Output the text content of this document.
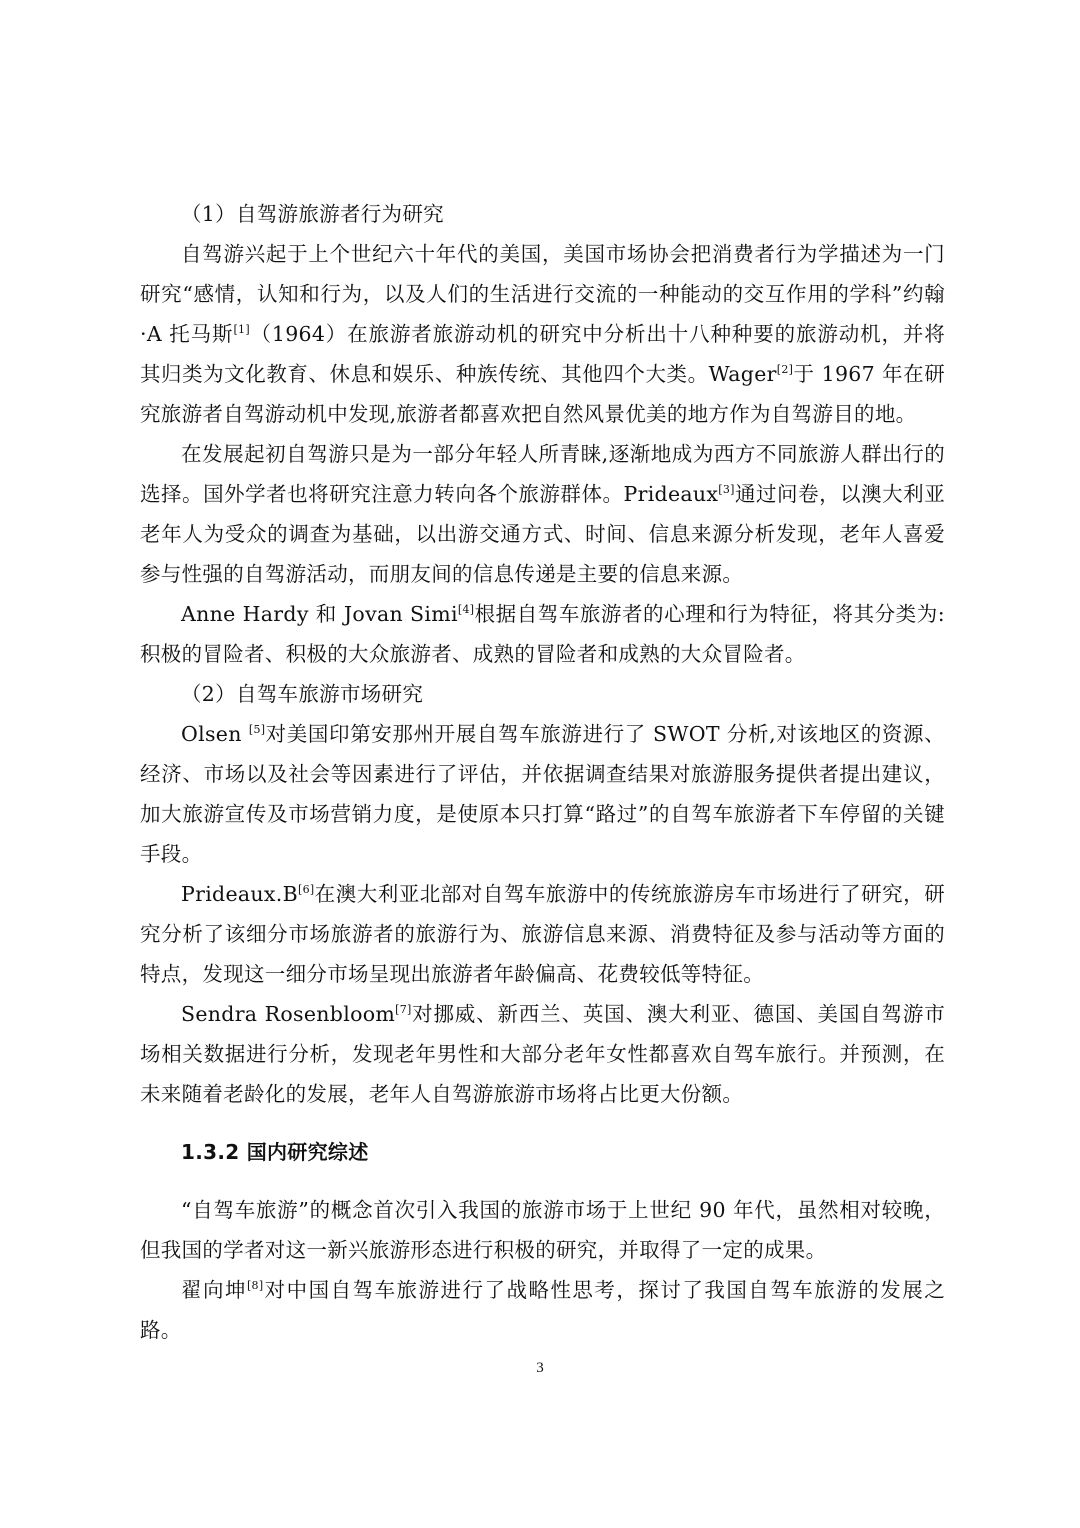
（1）自驾游旅游者行为研究

自驾游兴起于上个世纪六十年代的美国，美国市场协会把消费者行为学描述为一门研究“感情，认知和行为，以及人们的生活进行交流的一种能动的交互作用的学科”约翰·A 托马斯[1]（1964）在旅游者旅游动机的研究中分析出十八种种要的旅游动机，并将其归类为文化教育、休息和娱乐、种族传统、其他四个大类。Wager[2]于 1967 年在研究旅游者自驾游动机中发现,旅游者都喜欢把自然风景优美的地方作为自驾游目的地。

在发展起初自驾游只是为一部分年轻人所青睐,逐渐地成为西方不同旅游人群出行的选择。国外学者也将研究注意力转向各个旅游群体。Prideaux[3]通过问卷，以澳大利亚老年人为受众的调查为基础，以出游交通方式、时间、信息来源分析发现，老年人喜爱参与性强的自驾游活动，而朋友间的信息传递是主要的信息来源。

Anne Hardy 和 Jovan Simi[4]根据自驾车旅游者的心理和行为特征，将其分类为:积极的冒险者、积极的大众旅游者、成熟的冒险者和成熟的大众冒险者。

（2）自驾车旅游市场研究

Olsen [5]对美国印第安那州开展自驾车旅游进行了 SWOT 分析,对该地区的资源、经济、市场以及社会等因素进行了评估，并依据调查结果对旅游服务提供者提出建议，加大旅游宣传及市场营销力度，是使原本只打算“路过”的自驾车旅游者下车停留的关键手段。

Prideaux.B[6]在澳大利亚北部对自驾车旅游中的传统旅游房车市场进行了研究，研究分析了该细分市场旅游者的旅游行为、旅游信息来源、消费特征及参与活动等方面的特点，发现这一细分市场呈现出旅游者年龄偏高、花费较低等特征。

Sendra Rosenbloom[7]对挪威、新西兰、英国、澳大利亚、德国、美国自驾游市场相关数据进行分析，发现老年男性和大部分老年女性都喜欢自驾车旅行。并预测，在未来随着老龄化的发展，老年人自驾游旅游市场将占比更大份额。

1.3.2 国内研究综述

“自驾车旅游”的概念首次引入我国的旅游市场于上世纪 90 年代，虽然相对较晚，但我国的学者对这一新兴旅游形态进行积极的研究，并取得了一定的成果。

翟向坤[8]对中国自驾车旅游进行了战略性思考，探讨了我国自驾车旅游的发展之路。

3
